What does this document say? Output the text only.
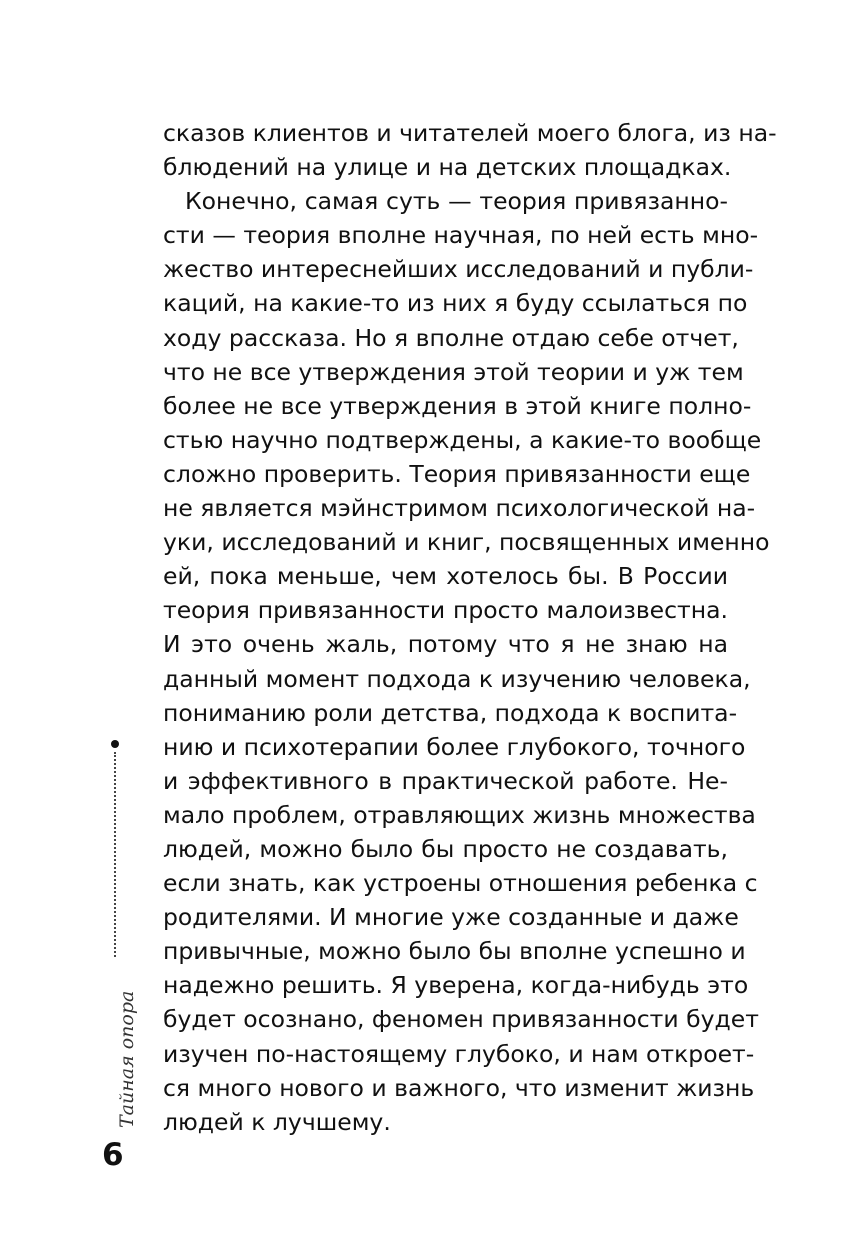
сказов клиентов и читателей моего блога, из на-
блюдений на улице и на детских площадках.
Конечно, самая суть — теория привязанно-
сти — теория вполне научная, по ней есть мно-
жество интереснейших исследований и публи-
каций, на какие-то из них я буду ссылаться по
ходу рассказа. Но я вполне отдаю себе отчет,
что не все утверждения этой теории и уж тем
более не все утверждения в этой книге полно-
стью научно подтверждены, а какие-то вообще
сложно проверить. Теория привязанности еще
не является мэйнстримом психологической на-
уки, исследований и книг, посвященных именно
ей, пока меньше, чем хотелось бы. В России
теория привязанности просто малоизвестна.
И это очень жаль, потому что я не знаю на
данный момент подхода к изучению человека,
пониманию роли детства, подхода к воспита-
нию и психотерапии более глубокого, точного
и эффективного в практической работе. Не-
мало проблем, отравляющих жизнь множества
людей, можно было бы просто не создавать,
если знать, как устроены отношения ребенка с
родителями. И многие уже созданные и даже
привычные, можно было бы вполне успешно и
надежно решить. Я уверена, когда-нибудь это
будет осознано, феномен привязанности будет
изучен по-настоящему глубоко, и нам откроет-
ся много нового и важного, что изменит жизнь
людей к лучшему.
Тайная опора
6
